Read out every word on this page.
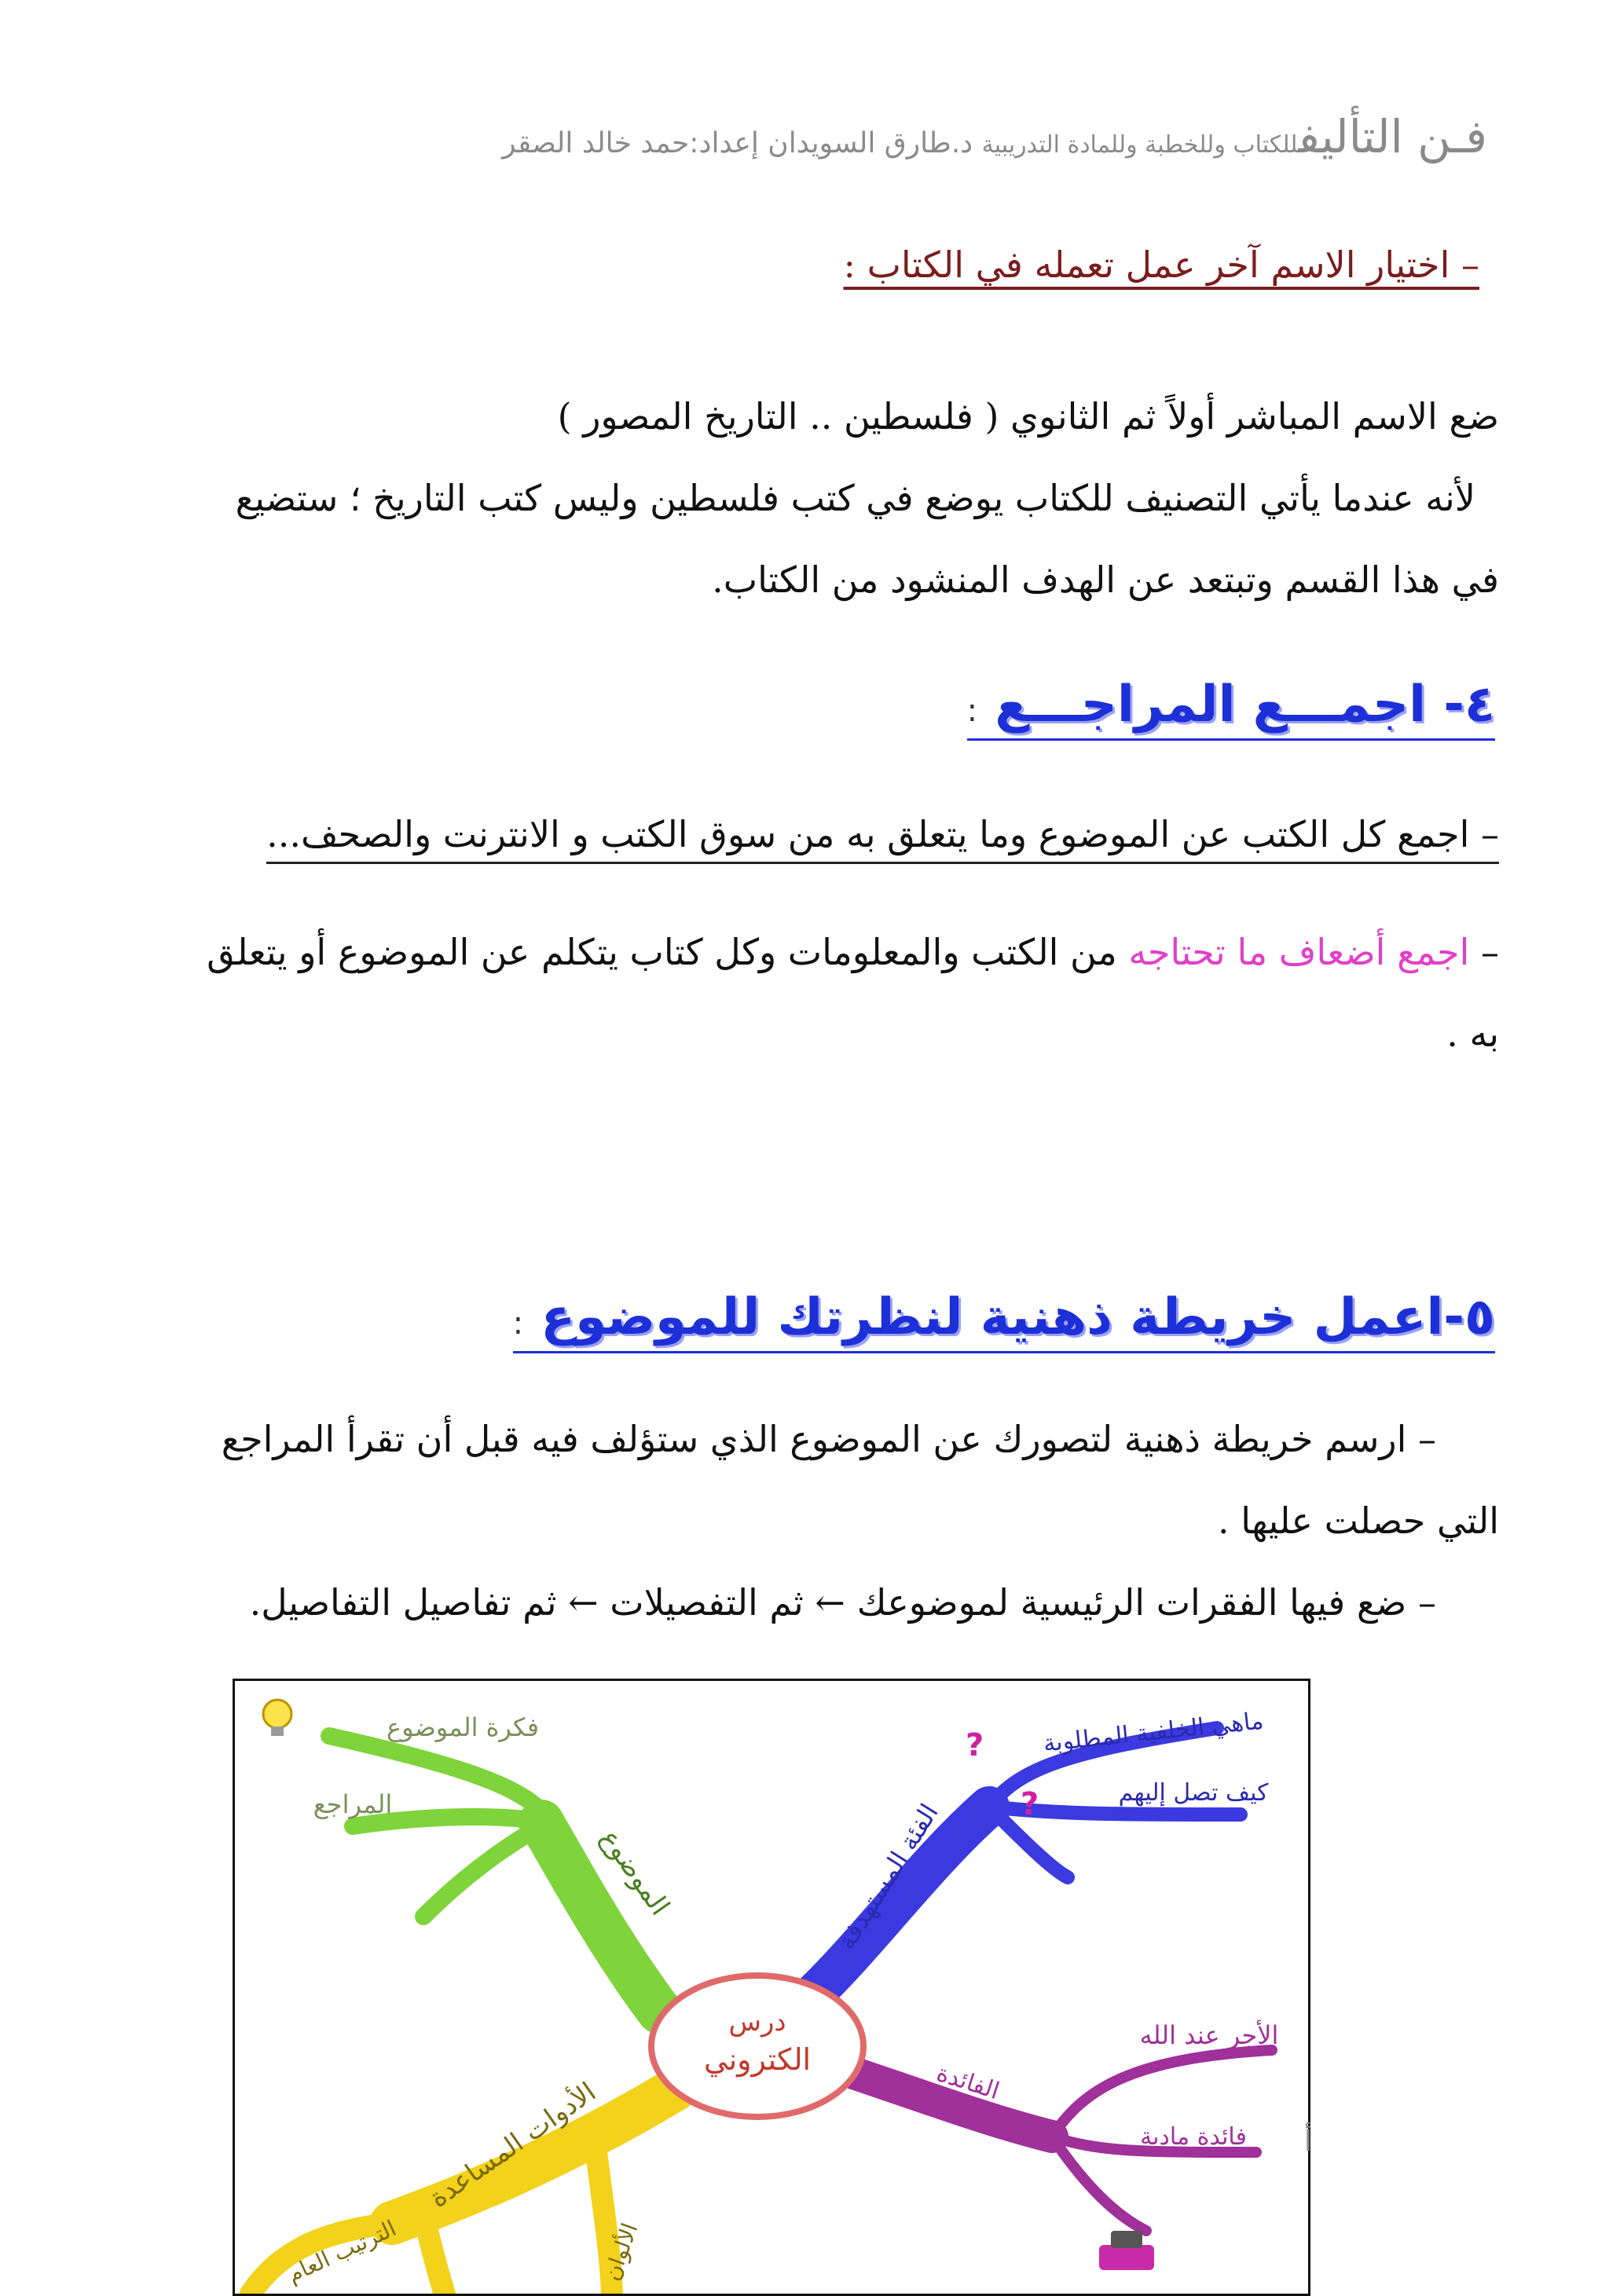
فـن التأليفللكتاب وللخطبة وللمادة التدريبية د.طارق السويدان إعداد:حمد خالد الصقر
– اختيار الاسم آخر عمل تعمله في الكتاب :
ضع الاسم المباشر أولاً ثم الثانوي ( فلسطين .. التاريخ المصور )
لأنه عندما يأتي التصنيف للكتاب يوضع في كتب فلسطين وليس كتب التاريخ ؛ ستضيع
في هذا القسم وتبتعد عن الهدف المنشود من الكتاب.
٤- اجمـــع المراجـــع :
– اجمع كل الكتب عن الموضوع وما يتعلق به من سوق الكتب و الانترنت والصحف...
– اجمع أضعاف ما تحتاجه من الكتب والمعلومات وكل كتاب يتكلم عن الموضوع أو يتعلق
به .
٥-اعمل خريطة ذهنية لنظرتك للموضوع :
– ارسم خريطة ذهنية لتصورك عن الموضوع الذي ستؤلف فيه قبل أن تقرأ المراجع
التي حصلت عليها .
– ضع فيها الفقرات الرئيسية لموضوعك ← ثم التفصيلات ← ثم تفاصيل التفاصيل.
درس
الكتروني
الموضوع
فكرة الموضوع
المراجع	الفئة المستهدفة
ماهي الخلفية المطلوبة
كيف تصل إليهم
الفائدة
الأجر عند الله
فائدة مادية
الأدوات المساعدة
الترتيب العام	الألوان
?
?
أ
